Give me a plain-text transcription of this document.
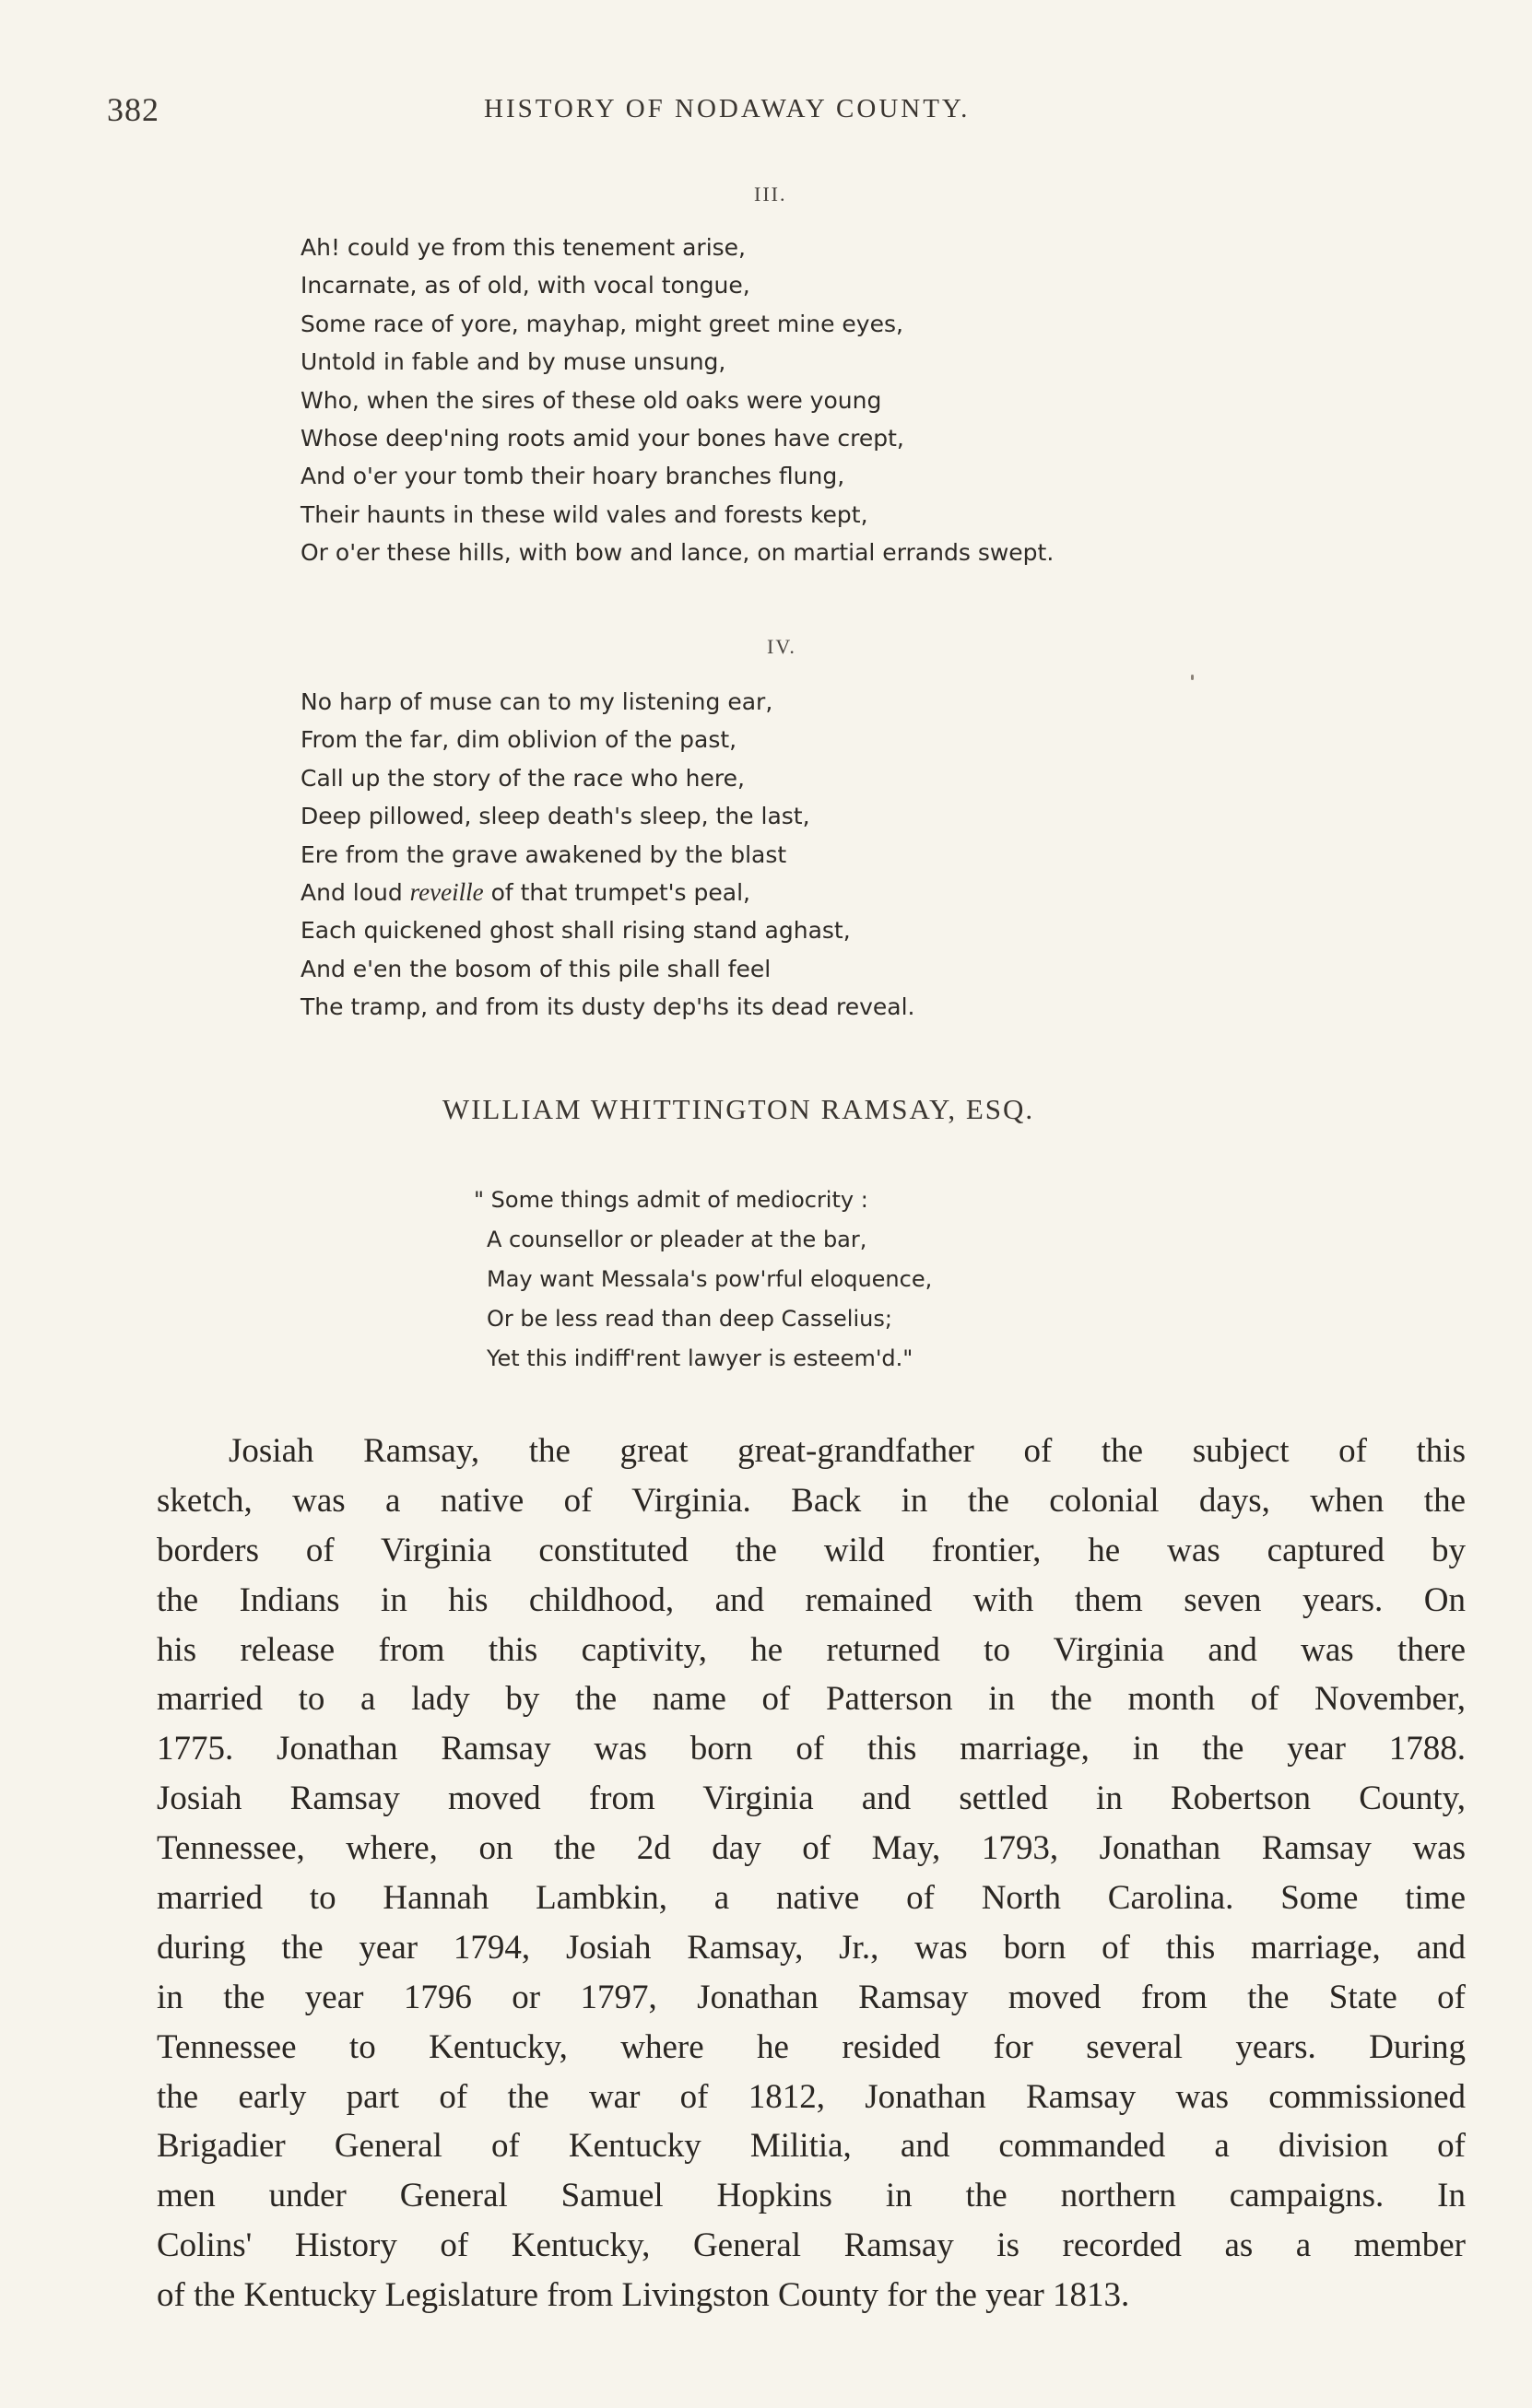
382	HISTORY OF NODAWAY COUNTY.
III.
Ah! could ye from this tenement arise,
Incarnate, as of old, with vocal tongue,
Some race of yore, mayhap, might greet mine eyes,
Untold in fable and by muse unsung,
Who, when the sires of these old oaks were young
Whose deep'ning roots amid your bones have crept,
And o'er your tomb their hoary branches flung,
Their haunts in these wild vales and forests kept,
Or o'er these hills, with bow and lance, on martial errands swept.
IV.
No harp of muse can to my listening ear,
From the far, dim oblivion of the past,
Call up the story of the race who here,
Deep pillowed, sleep death's sleep, the last,
Ere from the grave awakened by the blast
And loud reveille of that trumpet's peal,
Each quickened ghost shall rising stand aghast,
And e'en the bosom of this pile shall feel
The tramp, and from its dusty dep'hs its dead reveal.
WILLIAM WHITTINGTON RAMSAY, ESQ.
" Some things admit of mediocrity :
A counsellor or pleader at the bar,
May want Messala's pow'rful eloquence,
Or be less read than deep Casselius;
Yet this indiff'rent lawyer is esteem'd."
Josiah Ramsay, the great great-grandfather of the subject of this
sketch, was a native of Virginia. Back in the colonial days, when the
borders of Virginia constituted the wild frontier, he was captured by
the Indians in his childhood, and remained with them seven years. On
his release from this captivity, he returned to Virginia and was there
married to a lady by the name of Patterson in the month of November,
1775. Jonathan Ramsay was born of this marriage, in the year 1788.
Josiah Ramsay moved from Virginia and settled in Robertson County,
Tennessee, where, on the 2d day of May, 1793, Jonathan Ramsay was
married to Hannah Lambkin, a native of North Carolina. Some time
during the year 1794, Josiah Ramsay, Jr., was born of this marriage, and
in the year 1796 or 1797, Jonathan Ramsay moved from the State of
Tennessee to Kentucky, where he resided for several years. During
the early part of the war of 1812, Jonathan Ramsay was commissioned
Brigadier General of Kentucky Militia, and commanded a division of
men under General Samuel Hopkins in the northern campaigns. In
Colins' History of Kentucky, General Ramsay is recorded as a member
of the Kentucky Legislature from Livingston County for the year 1813.
